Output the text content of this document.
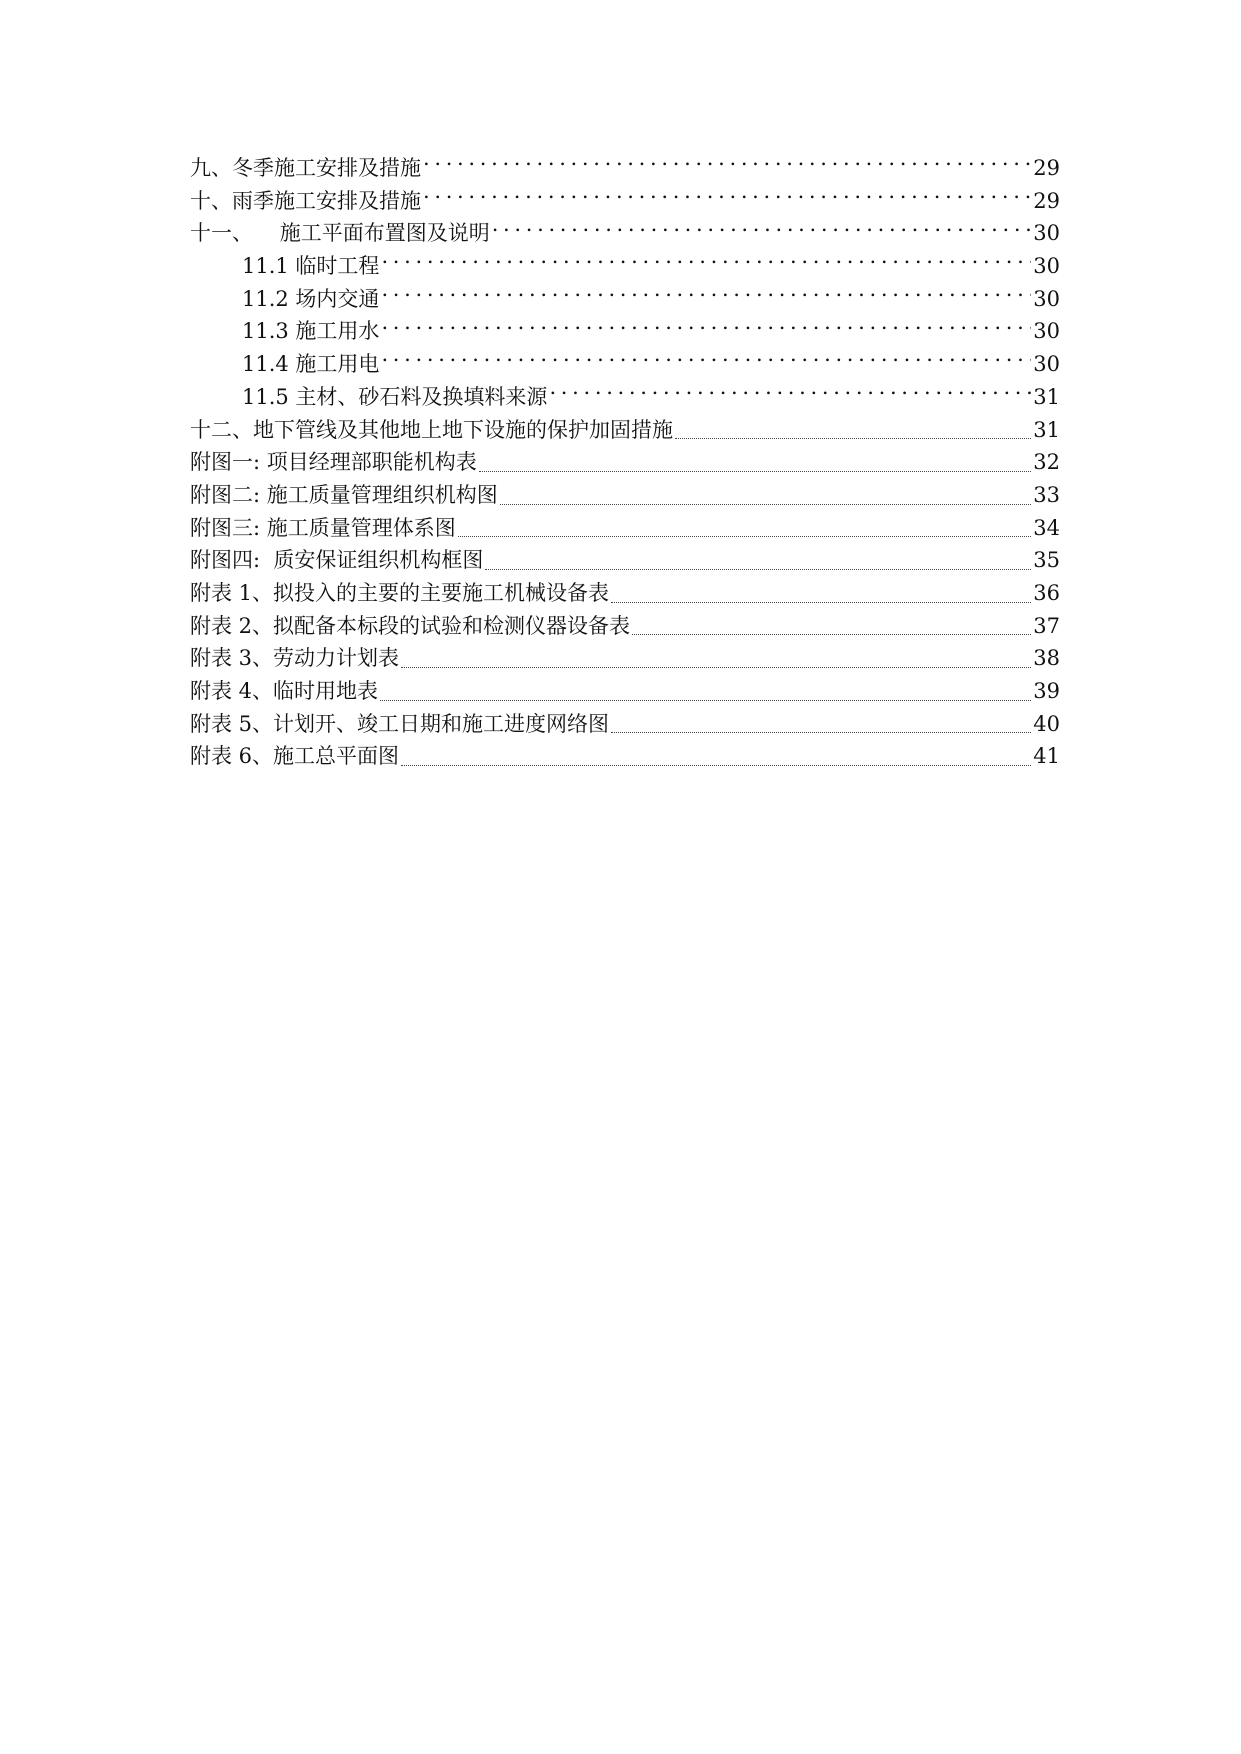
九、冬季施工安排及措施 . . .	29
十、雨季施工安排及措施 . . .	29
十一、    施工平面布置图及说明 . . .	30
11.1 临时工程 . . .	30
11.2 场内交通 . . .	30
11.3 施工用水 . . .	30
11.4 施工用电 . . .	30
11.5 主材、砂石料及换填料来源 . . .	31
十二、地下管线及其他地上地下设施的保护加固措施	31
附图一: 项目经理部职能机构表	32
附图二: 施工质量管理组织机构图	33
附图三: 施工质量管理体系图	34
附图四:  质安保证组织机构框图	35
附表 1、拟投入的主要的主要施工机械设备表	36
附表 2、拟配备本标段的试验和检测仪器设备表	37
附表 3、劳动力计划表	38
附表 4、临时用地表	39
附表 5、计划开、竣工日期和施工进度网络图	40
附表 6、施工总平面图	41
